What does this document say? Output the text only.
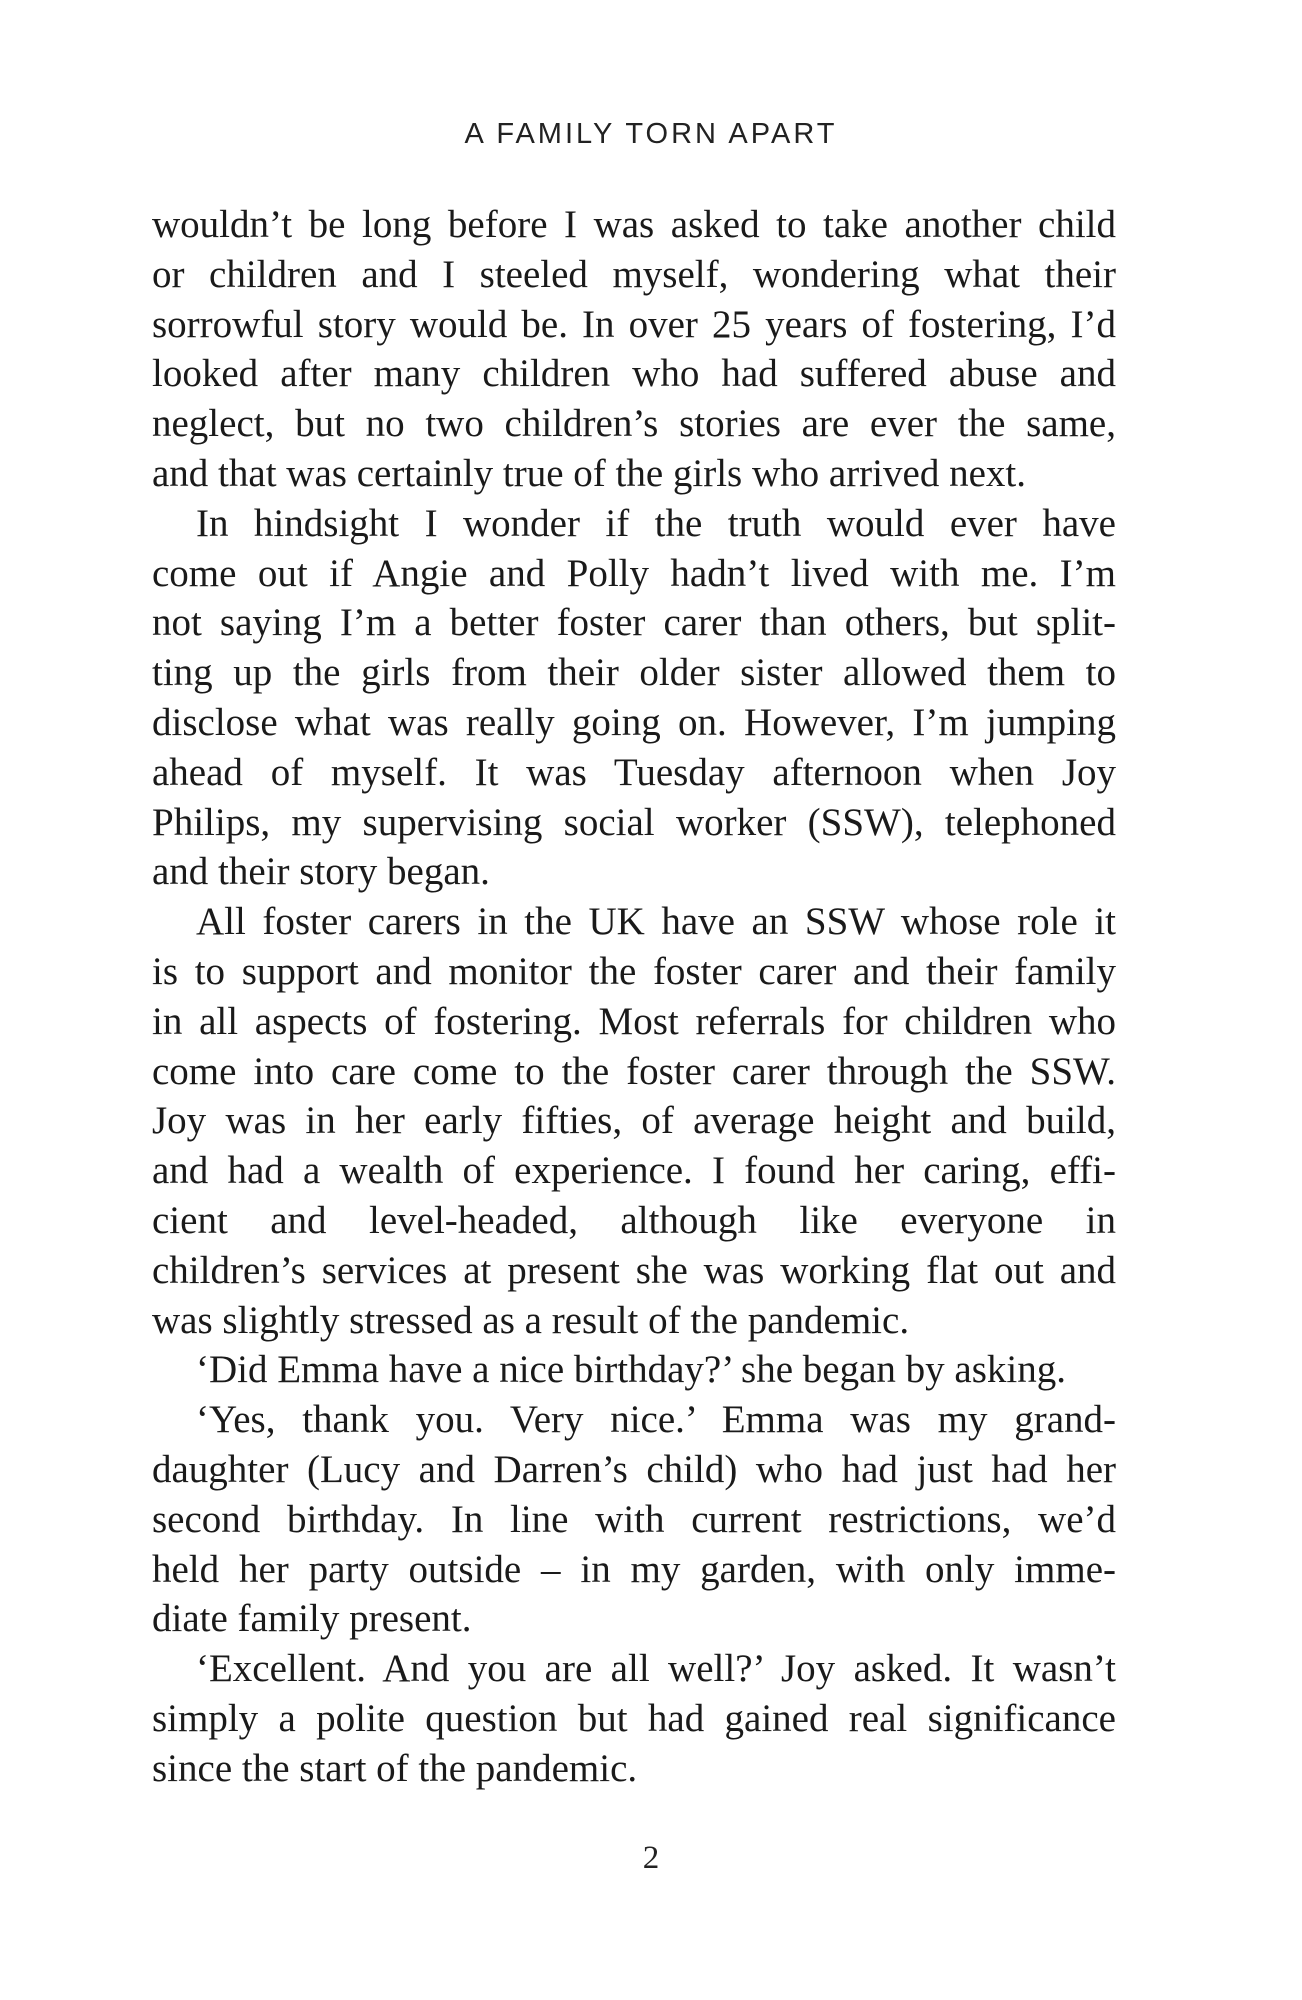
A FAMILY TORN APART
wouldn’t be long before I was asked to take another child
or children and I steeled myself, wondering what their
sorrowful story would be. In over 25 years of fostering, I’d
looked after many children who had suffered abuse and
neglect, but no two children’s stories are ever the same,
and that was certainly true of the girls who arrived next.
In hindsight I wonder if the truth would ever have
come out if Angie and Polly hadn’t lived with me. I’m
not saying I’m a better foster carer than others, but split-
ting up the girls from their older sister allowed them to
disclose what was really going on. However, I’m jumping
ahead of myself. It was Tuesday afternoon when Joy
Philips, my supervising social worker (SSW), telephoned
and their story began.
All foster carers in the UK have an SSW whose role it
is to support and monitor the foster carer and their family
in all aspects of fostering. Most referrals for children who
come into care come to the foster carer through the SSW.
Joy was in her early fifties, of average height and build,
and had a wealth of experience. I found her caring, effi-
cient and level-headed, although like everyone in
children’s services at present she was working flat out and
was slightly stressed as a result of the pandemic.
‘Did Emma have a nice birthday?’ she began by asking.
‘Yes, thank you. Very nice.’ Emma was my grand-
daughter (Lucy and Darren’s child) who had just had her
second birthday. In line with current restrictions, we’d
held her party outside – in my garden, with only imme-
diate family present.
‘Excellent. And you are all well?’ Joy asked. It wasn’t
simply a polite question but had gained real significance
since the start of the pandemic.
2
